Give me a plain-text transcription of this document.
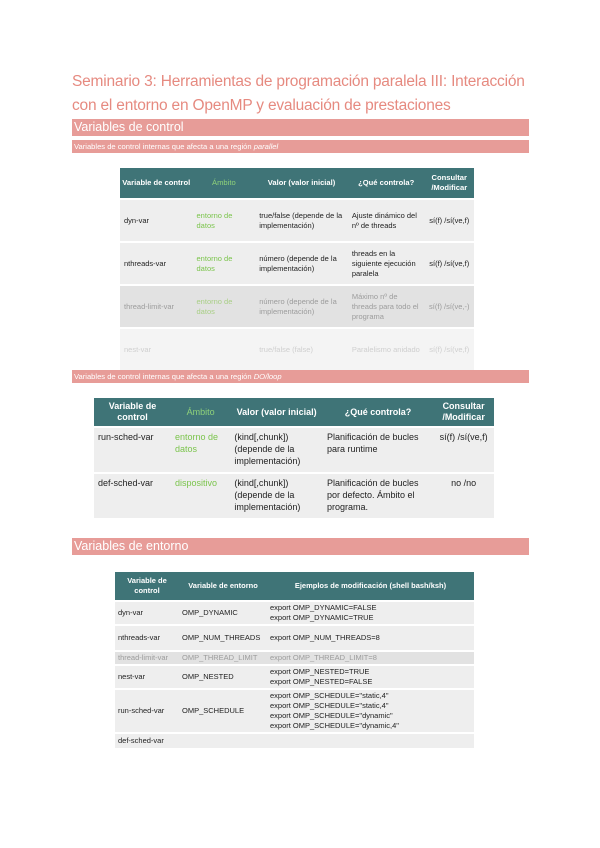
Seminario 3: Herramientas de programación paralela III: Interacción con el entorno en OpenMP y evaluación de prestaciones
Variables de control
Variables de control internas que afecta a una región parallel
Variable de control	Ámbito	Valor (valor inicial)	¿Qué controla?	Consultar /Modificar
dyn-var	entorno de datos	true/false (depende de la implementación)	Ajuste dinámico del nº de threads	sí(f) /sí(ve,f)
nthreads-var	entorno de datos	número (depende de la implementación)	threads en la siguiente ejecución paralela	sí(f) /sí(ve,f)
thread-limit-var	entorno de datos	número (depende de la implementación)	Máximo nº de threads para todo el programa	sí(f) /sí(ve,-)
nest-var		true/false (false)	Paralelismo anidado	sí(f) /sí(ve,f)
Variables de control internas que afecta a una región DO/loop
Variable de control	Ámbito	Valor (valor inicial)	¿Qué controla?	Consultar /Modificar
run-sched-var	entorno de datos	(kind[,chunk]) (depende de la implementación)	Planificación de bucles para runtime	sí(f) /sí(ve,f)
def-sched-var	dispositivo	(kind[,chunk]) (depende de la implementación)	Planificación de bucles por defecto. Ámbito el programa.	no /no
Variables de entorno
Variable de control	Variable de entorno	Ejemplos de modificación (shell bash/ksh)
dyn-var	OMP_DYNAMIC	export OMP_DYNAMIC=FALSE
export OMP_DYNAMIC=TRUE

nthreads-var	OMP_NUM_THREADS	export OMP_NUM_THREADS=8

thread-limit-var	OMP_THREAD_LIMIT	export OMP_THREAD_LIMIT=8

nest-var	OMP_NESTED	export OMP_NESTED=TRUE
export OMP_NESTED=FALSE

run-sched-var	OMP_SCHEDULE	export OMP_SCHEDULE="static,4"
export OMP_SCHEDULE="static,4"
export OMP_SCHEDULE="dynamic"
export OMP_SCHEDULE="dynamic,4"

def-sched-var		
